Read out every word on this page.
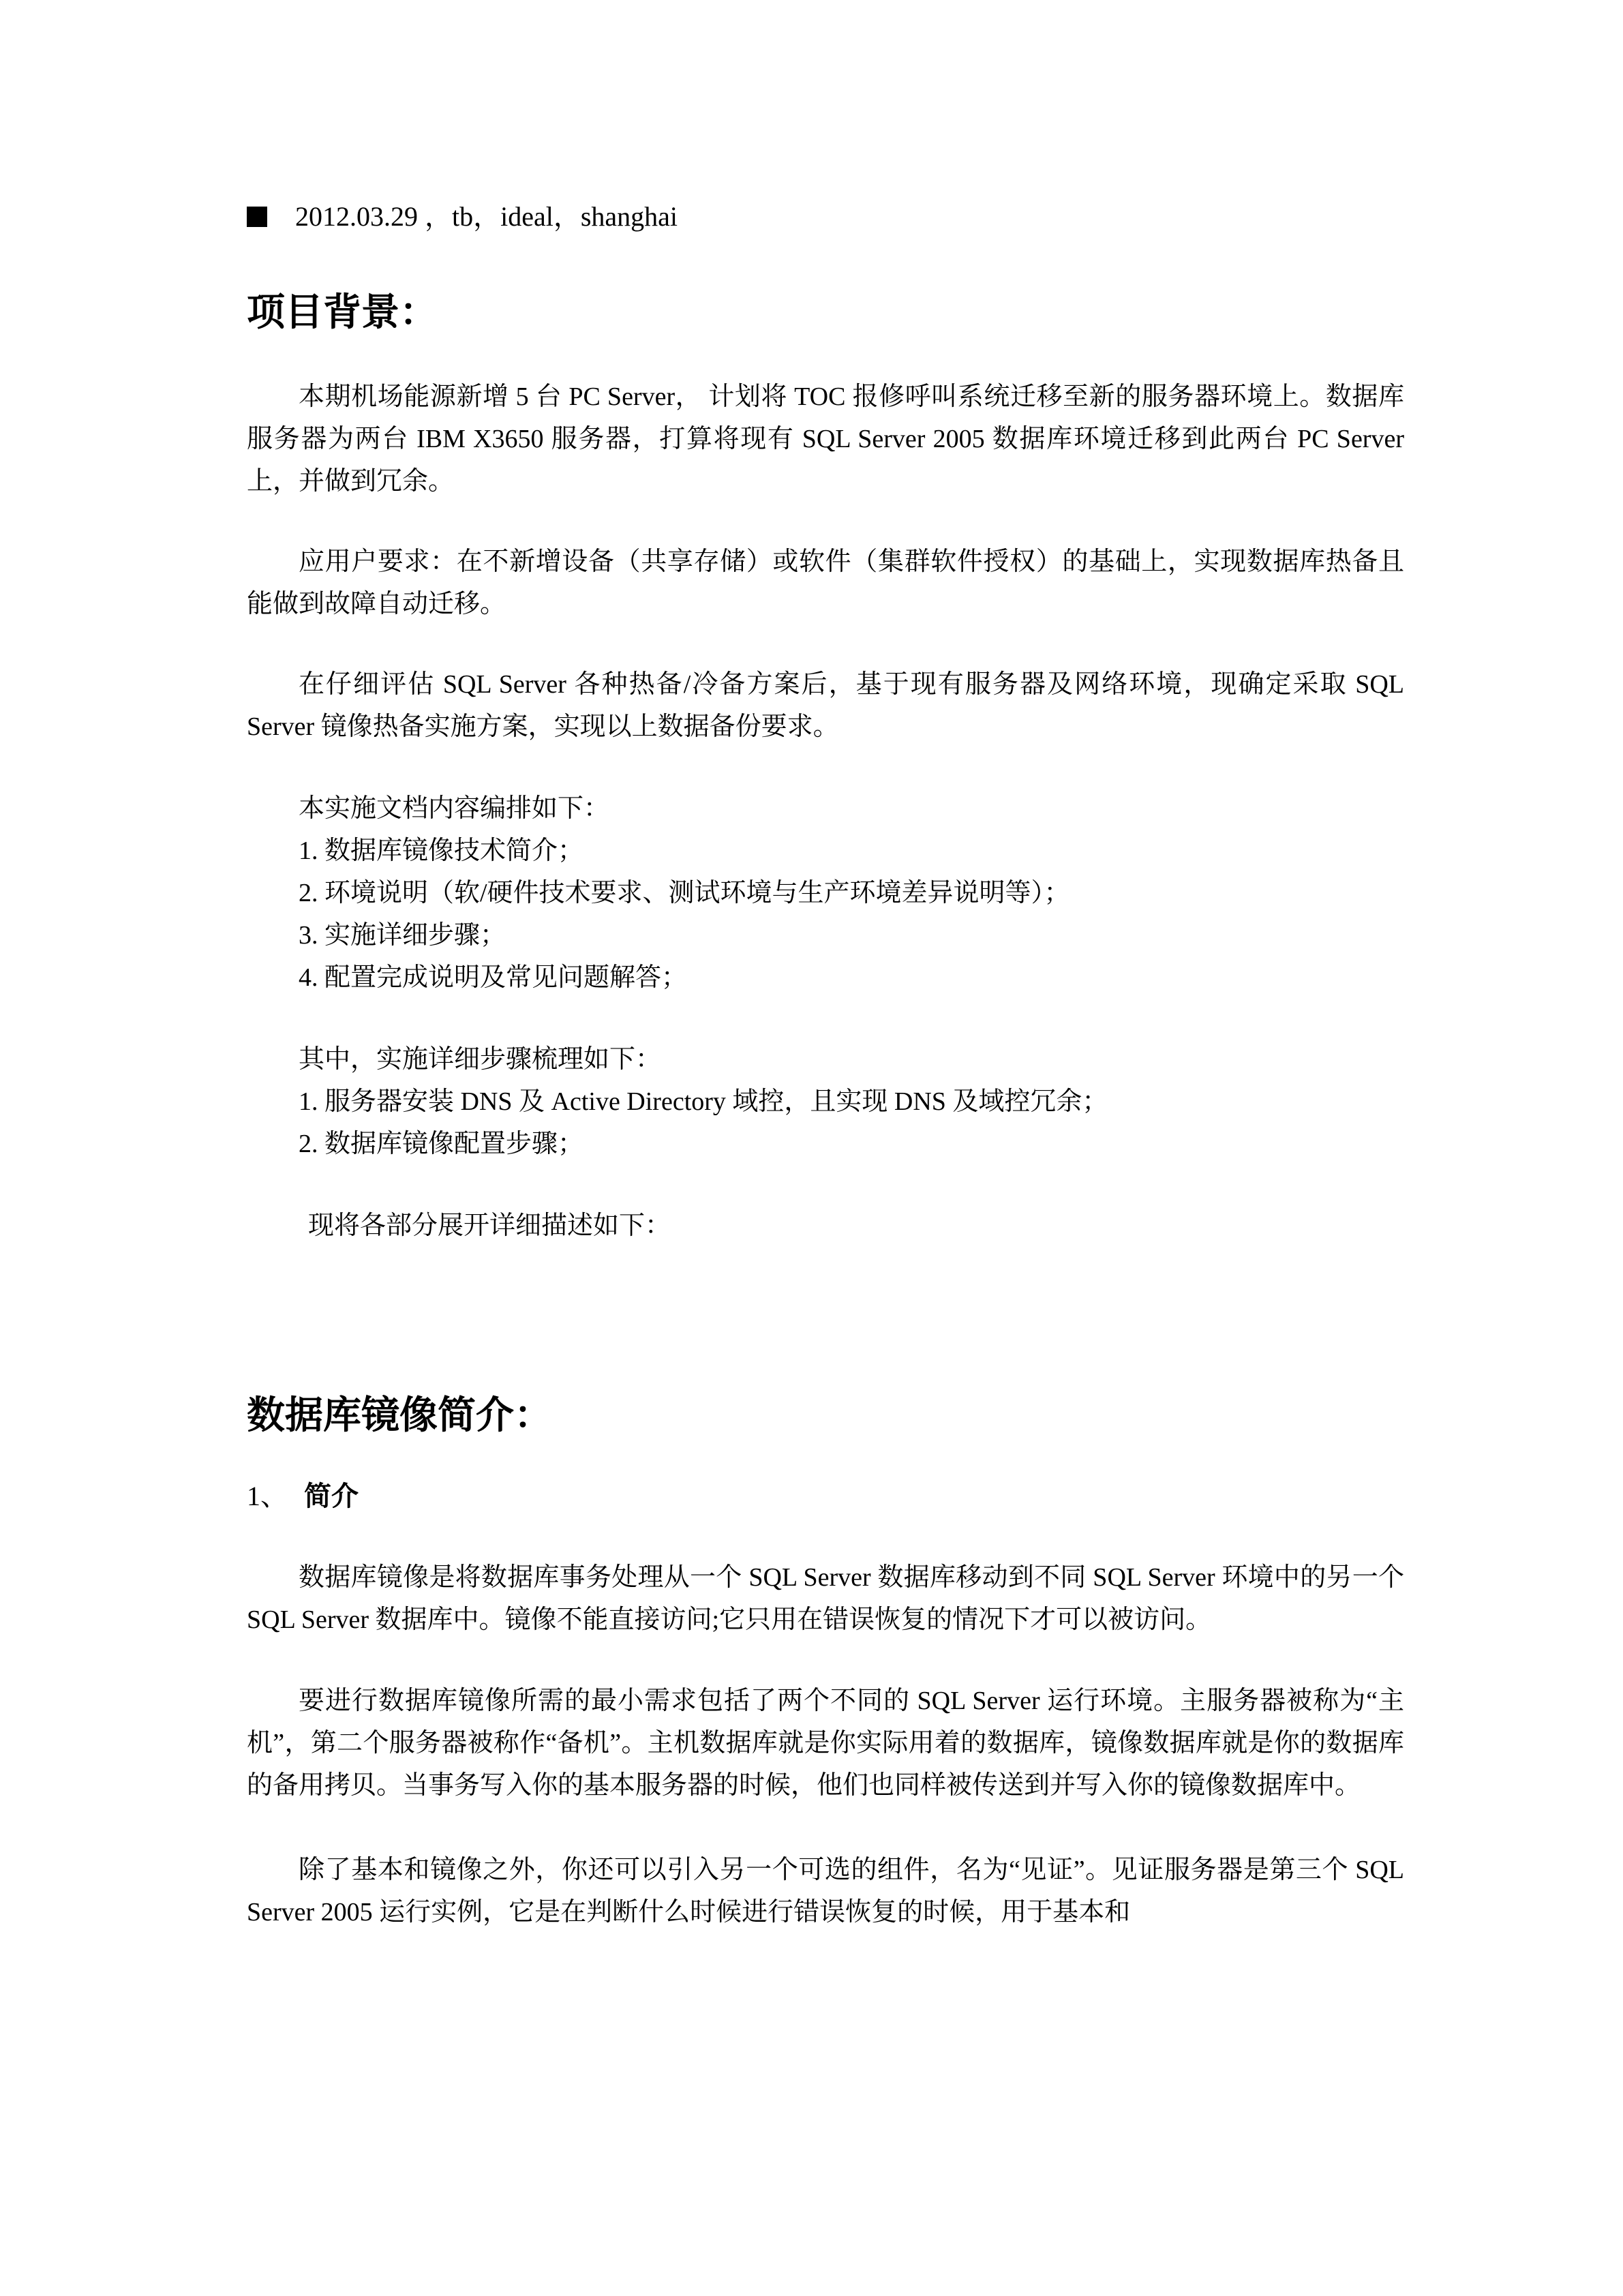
2012.03.29 ，tb，ideal，shanghai
项目背景：

本期机场能源新增 5 台 PC Server， 计划将 TOC 报修呼叫系统迁移至新的服务器环境上。数据库服务器为两台 IBM X3650 服务器，打算将现有 SQL Server 2005 数据库环境迁移到此两台 PC Server 上，并做到冗余。

应用户要求：在不新增设备（共享存储）或软件（集群软件授权）的基础上，实现数据库热备且能做到故障自动迁移。

在仔细评估 SQL Server 各种热备/冷备方案后，基于现有服务器及网络环境，现确定采取 SQL Server 镜像热备实施方案，实现以上数据备份要求。

本实施文档内容编排如下：
1. 数据库镜像技术简介；
2. 环境说明（软/硬件技术要求、测试环境与生产环境差异说明等）；
3. 实施详细步骤；
4. 配置完成说明及常见问题解答；
其中，实施详细步骤梳理如下：
1. 服务器安装 DNS 及 Active Directory 域控，且实现 DNS 及域控冗余；
2. 数据库镜像配置步骤；
现将各部分展开详细描述如下：
数据库镜像简介：
1、 简介

数据库镜像是将数据库事务处理从一个 SQL Server 数据库移动到不同 SQL Server 环境中的另一个 SQL Server 数据库中。镜像不能直接访问;它只用在错误恢复的情况下才可以被访问。

要进行数据库镜像所需的最小需求包括了两个不同的 SQL Server 运行环境。主服务器被称为“主机”，第二个服务器被称作“备机”。主机数据库就是你实际用着的数据库，镜像数据库就是你的数据库的备用拷贝。当事务写入你的基本服务器的时候，他们也同样被传送到并写入你的镜像数据库中。

除了基本和镜像之外，你还可以引入另一个可选的组件，名为“见证”。见证服务器是第三个 SQL Server 2005 运行实例，它是在判断什么时候进行错误恢复的时候，用于基本和
